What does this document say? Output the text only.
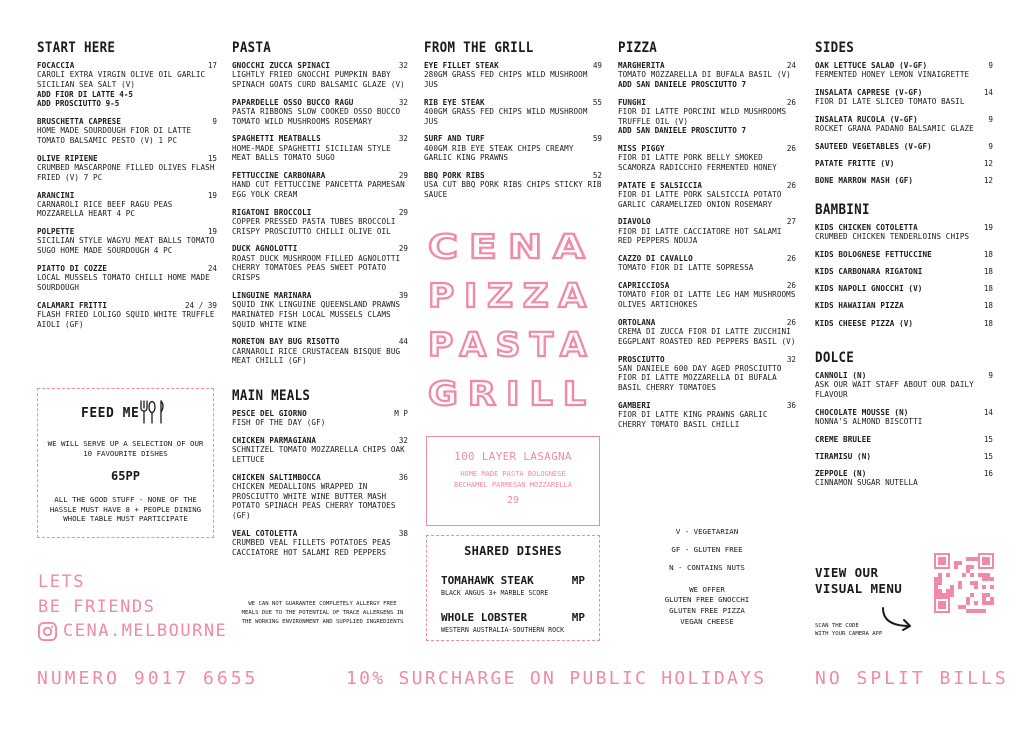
START HERE
FOCACCIA	17
CAROLI EXTRA VIRGIN OLIVE OIL GARLIC SICILIAN SEA SALT (V)
ADD FIOR DI LATTE 4-5
ADD PROSCIUTTO 9-5
BRUSCHETTA CAPRESE	9
HOME MADE SOURDOUGH FIOR DI LATTE TOMATO BALSAMIC PESTO (V) 1 PC
OLIVE RIPIENE	15
CRUMBED MASCARPONE FILLED OLIVES FLASH FRIED (V) 7 PC
ARANCINI	19
CARNAROLI RICE BEEF RAGU PEAS MOZZARELLA HEART 4 PC
POLPETTE	19
SICILIAN STYLE WAGYU MEAT BALLS TOMATO SUGO HOME MADE SOURDOUGH 4 PC
PIATTO DI COZZE	24
LOCAL MUSSELS TOMATO CHILLI HOME MADE SOURDOUGH
CALAMARI FRITTI	24 / 39
FLASH FRIED LOLIGO SQUID WHITE TRUFFLE AIOLI (GF)
FEED ME
WE WILL SERVE UP A SELECTION OF OUR 10 FAVOURITE DISHES
65PP
ALL THE GOOD STUFF - NONE OF THE HASSLE MUST HAVE 8 + PEOPLE DINING WHOLE TABLE MUST PARTICIPATE
LETS
BE FRIENDS
CENA.MELBOURNE
PASTA
GNOCCHI ZUCCA SPINACI	32
LIGHTLY FRIED GNOCCHI PUMPKIN BABY SPINACH GOATS CURD BALSAMIC GLAZE (V)
PAPARDELLE OSSO BUCCO RAGU	32
PASTA RIBBONS SLOW COOKED OSSO BUCCO TOMATO WILD MUSHROOMS ROSEMARY
SPAGHETTI MEATBALLS	32
HOME-MADE SPAGHETTI SICILIAN STYLE MEAT BALLS TOMATO SUGO
FETTUCCINE CARBONARA	29
HAND CUT FETTUCCINE PANCETTA PARMESAN EGG YOLK CREAM
RIGATONI BROCCOLI	29
COPPER PRESSED PASTA TUBES BROCCOLI CRISPY PROSCIUTTO CHILLI OLIVE OIL
DUCK AGNOLOTTI	29
ROAST DUCK MUSHROOM FILLED AGNOLOTTI CHERRY TOMATOES PEAS SWEET POTATO CRISPS
LINGUINE MARINARA	39
SQUID INK LINGUINE QUEENSLAND PRAWNS MARINATED FISH LOCAL MUSSELS CLAMS SQUID WHITE WINE
MORETON BAY BUG RISOTTO	44
CARNAROLI RICE CRUSTACEAN BISQUE BUG MEAT CHILLI (GF)
MAIN MEALS
PESCE DEL GIORNO	M P
FISH OF THE DAY (GF)
CHICKEN PARMAGIANA	32
SCHNITZEL TOMATO MOZZARELLA CHIPS OAK LETTUCE
CHICKEN SALTIMBOCCA	36
CHICKEN MEDALLIONS WRAPPED IN PROSCIUTTO WHITE WINE BUTTER MASH POTATO SPINACH PEAS CHERRY TOMATOES (GF)
VEAL COTOLETTA	38
CRUMBED VEAL FILLETS POTATOES PEAS CACCIATORE HOT SALAMI RED PEPPERS
WE CAN NOT GUARANTEE COMPLETELY ALLERGY FREE MEALS DUE TO THE POTENTIAL OF TRACE ALLERGENS IN THE WORKING ENVIRONMENT AND SUPPLIED INGREDIENTS
FROM THE GRILL
EYE FILLET STEAK	49
280GM GRASS FED CHIPS WILD MUSHROOM JUS
RIB EYE STEAK	55
400GM GRASS FED CHIPS WILD MUSHROOM JUS
SURF AND TURF	59
400GM RIB EYE STEAK CHIPS CREAMY GARLIC KING PRAWNS
BBQ PORK RIBS	52
USA CUT BBQ PORK RIBS CHIPS STICKY RIB SAUCE
CENA
PIZZA
PASTA
GRILL
100 LAYER LASAGNA
HOME MADE PASTA BOLOGNESE
BECHAMEL PARMESAN MOZZARELLA
29
SHARED DISHES
TOMAHAWK STEAK	MP
BLACK ANGUS 3+ MARBLE SCORE
WHOLE LOBSTER	MP
WESTERN AUSTRALIA-SOUTHERN ROCK
PIZZA
MARGHERITA	24
TOMATO MOZZARELLA DI BUFALA BASIL (V)
ADD SAN DANIELE PROSCIUTTO 7
FUNGHI	26
FIOR DI LATTE PORCINI WILD MUSHROOMS TRUFFLE OIL (V)
ADD SAN DANIELE PROSCIUTTO 7
MISS PIGGY	26
FIOR DI LATTE PORK BELLY SMOKED SCAMORZA RADICCHIO FERMENTED HONEY
PATATE E SALSICCIA	26
FIOR DI LATTE PORK SALSICCIA POTATO GARLIC CARAMELIZED ONION ROSEMARY
DIAVOLO	27
FIOR DI LATTE CACCIATORE HOT SALAMI RED PEPPERS NDUJA
CAZZO DI CAVALLO	26
TOMATO FIOR DI LATTE SOPRESSA
CAPRICCIOSA	26
TOMATO FIOR DI LATTE LEG HAM MUSHROOMS OLIVES ARTICHOKES
ORTOLANA	26
CREMA DI ZUCCA FIOR DI LATTE ZUCCHINI EGGPLANT ROASTED RED PEPPERS BASIL (V)
PROSCIUTTO	32
SAN DANIELE 600 DAY AGED PROSCIUTTO FIOR DI LATTE MOZZARELLA DI BUFALA BASIL CHERRY TOMATOES
GAMBERI	36
FIOR DI LATTE KING PRAWNS GARLIC CHERRY TOMATO BASIL CHILLI
V - VEGETARIAN
GF - GLUTEN FREE
N - CONTAINS NUTS
WE OFFER
GLUTEN FREE GNOCCHI
GLUTEN FREE PIZZA
VEGAN CHEESE
SIDES
OAK LETTUCE SALAD (V-GF)	9
FERMENTED HONEY LEMON VINAIGRETTE
INSALATA CAPRESE (V-GF)	14
FIOR DI LATE SLICED TOMATO BASIL
INSALATA RUCOLA (V-GF)	9
ROCKET GRANA PADANO BALSAMIC GLAZE
SAUTEED VEGETABLES (V-GF)	9
PATATE FRITTE (V)	12
BONE MARROW MASH (GF)	12
BAMBINI
KIDS CHICKEN COTOLETTA	19
CRUMBED CHICKEN TENDERLOINS CHIPS
KIDS BOLOGNESE FETTUCCINE	18
KIDS CARBONARA RIGATONI	18
KIDS NAPOLI GNOCCHI (V)	18
KIDS HAWAIIAN PIZZA	18
KIDS CHEESE PIZZA (V)	18
DOLCE
CANNOLI (N)	9
ASK OUR WAIT STAFF ABOUT OUR DAILY FLAVOUR
CHOCOLATE MOUSSE (N)	14
NONNA'S ALMOND BISCOTTI
CREME BRULEE	15
TIRAMISU (N)	15
ZEPPOLE (N)	16
CINNAMON SUGAR NUTELLA
VIEW OUR
VISUAL MENU
SCAN THE CODE
WITH YOUR CAMERA APP
NUMERO 9017 6655	10% SURCHARGE ON PUBLIC HOLIDAYS	NO SPLIT BILLS
